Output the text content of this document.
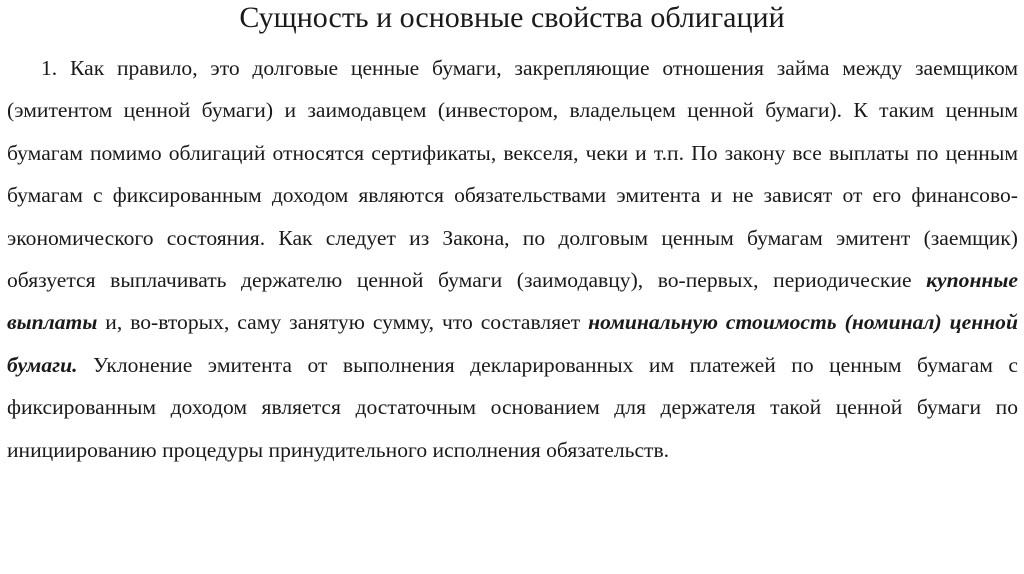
Сущность и основные свойства облигаций

1. Как правило, это долговые ценные бумаги, закрепляющие отношения займа между заемщиком (эмитентом ценной бумаги) и заимодавцем (инвестором, владельцем ценной бумаги). К таким ценным бумагам помимо облигаций относятся сертификаты, векселя, чеки и т.п. По закону все выплаты по ценным бумагам с фиксированным доходом являются обязательствами эмитента и не зависят от его финансово-экономического состояния. Как следует из Закона, по долговым ценным бумагам эмитент (заемщик) обязуется выплачивать держателю ценной бумаги (заимодавцу), во-первых, периодические купонные выплаты и, во-вторых, саму занятую сумму, что составляет номинальную стоимость (номинал) ценной бумаги. Уклонение эмитента от выполнения декларированных им платежей по ценным бумагам с фиксированным доходом является достаточным основанием для держателя такой ценной бумаги по инициированию процедуры принудительного исполнения обязательств.
